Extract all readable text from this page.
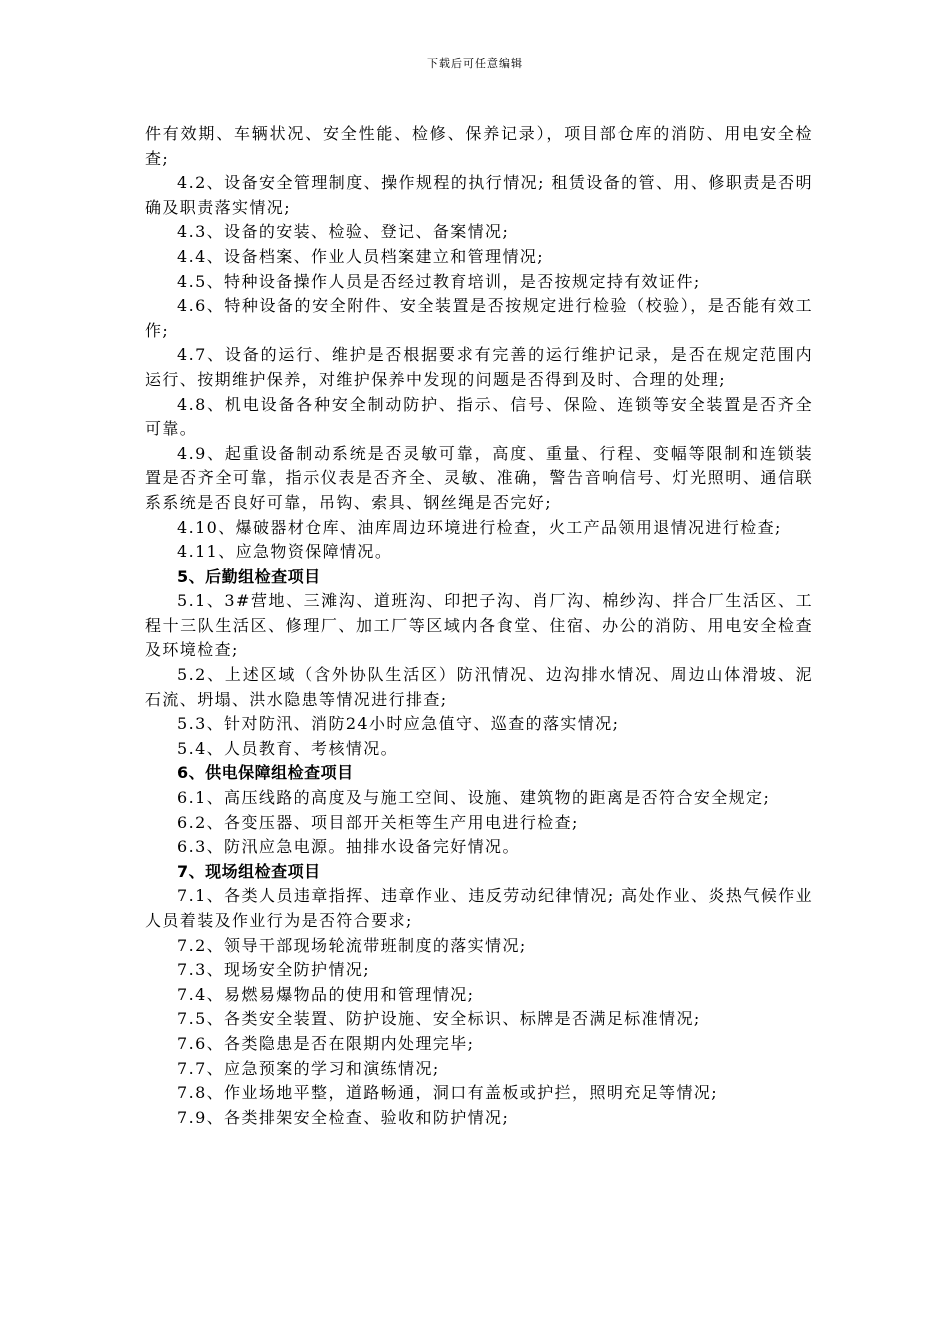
下载后可任意编辑

件有效期、车辆状况、安全性能、检修、保养记录），项目部仓库的消防、用电安全检查;

4.2、设备安全管理制度、操作规程的执行情况; 租赁设备的管、用、修职责是否明确及职责落实情况;

4.3、设备的安装、检验、登记、备案情况;

4.4、设备档案、作业人员档案建立和管理情况;

4.5、特种设备操作人员是否经过教育培训，是否按规定持有效证件;

4.6、特种设备的安全附件、安全装置是否按规定进行检验（校验），是否能有效工作;

4.7、设备的运行、维护是否根据要求有完善的运行维护记录，是否在规定范围内运行、按期维护保养，对维护保养中发现的问题是否得到及时、合理的处理;

4.8、机电设备各种安全制动防护、指示、信号、保险、连锁等安全装置是否齐全可靠。

4.9、起重设备制动系统是否灵敏可靠，高度、重量、行程、变幅等限制和连锁装置是否齐全可靠，指示仪表是否齐全、灵敏、准确，警告音响信号、灯光照明、通信联系系统是否良好可靠，吊钩、索具、钢丝绳是否完好;

4.10、爆破器材仓库、油库周边环境进行检查，火工产品领用退情况进行检查;

4.11、应急物资保障情况。

5、后勤组检查项目

5.1、3#营地、三滩沟、道班沟、印把子沟、肖厂沟、棉纱沟、拌合厂生活区、工程十三队生活区、修理厂、加工厂等区域内各食堂、住宿、办公的消防、用电安全检查及环境检查;

5.2、上述区域（含外协队生活区）防汛情况、边沟排水情况、周边山体滑坡、泥石流、坍塌、洪水隐患等情况进行排查;

5.3、针对防汛、消防24小时应急值守、巡查的落实情况;

5.4、人员教育、考核情况。

6、供电保障组检查项目

6.1、高压线路的高度及与施工空间、设施、建筑物的距离是否符合安全规定;

6.2、各变压器、项目部开关柜等生产用电进行检查;

6.3、防汛应急电源。抽排水设备完好情况。

7、现场组检查项目

7.1、各类人员违章指挥、违章作业、违反劳动纪律情况; 高处作业、炎热气候作业人员着装及作业行为是否符合要求;

7.2、领导干部现场轮流带班制度的落实情况;

7.3、现场安全防护情况;

7.4、易燃易爆物品的使用和管理情况;

7.5、各类安全装置、防护设施、安全标识、标牌是否满足标准情况;

7.6、各类隐患是否在限期内处理完毕;

7.7、应急预案的学习和演练情况;

7.8、作业场地平整，道路畅通，洞口有盖板或护拦，照明充足等情况;

7.9、各类排架安全检查、验收和防护情况;
